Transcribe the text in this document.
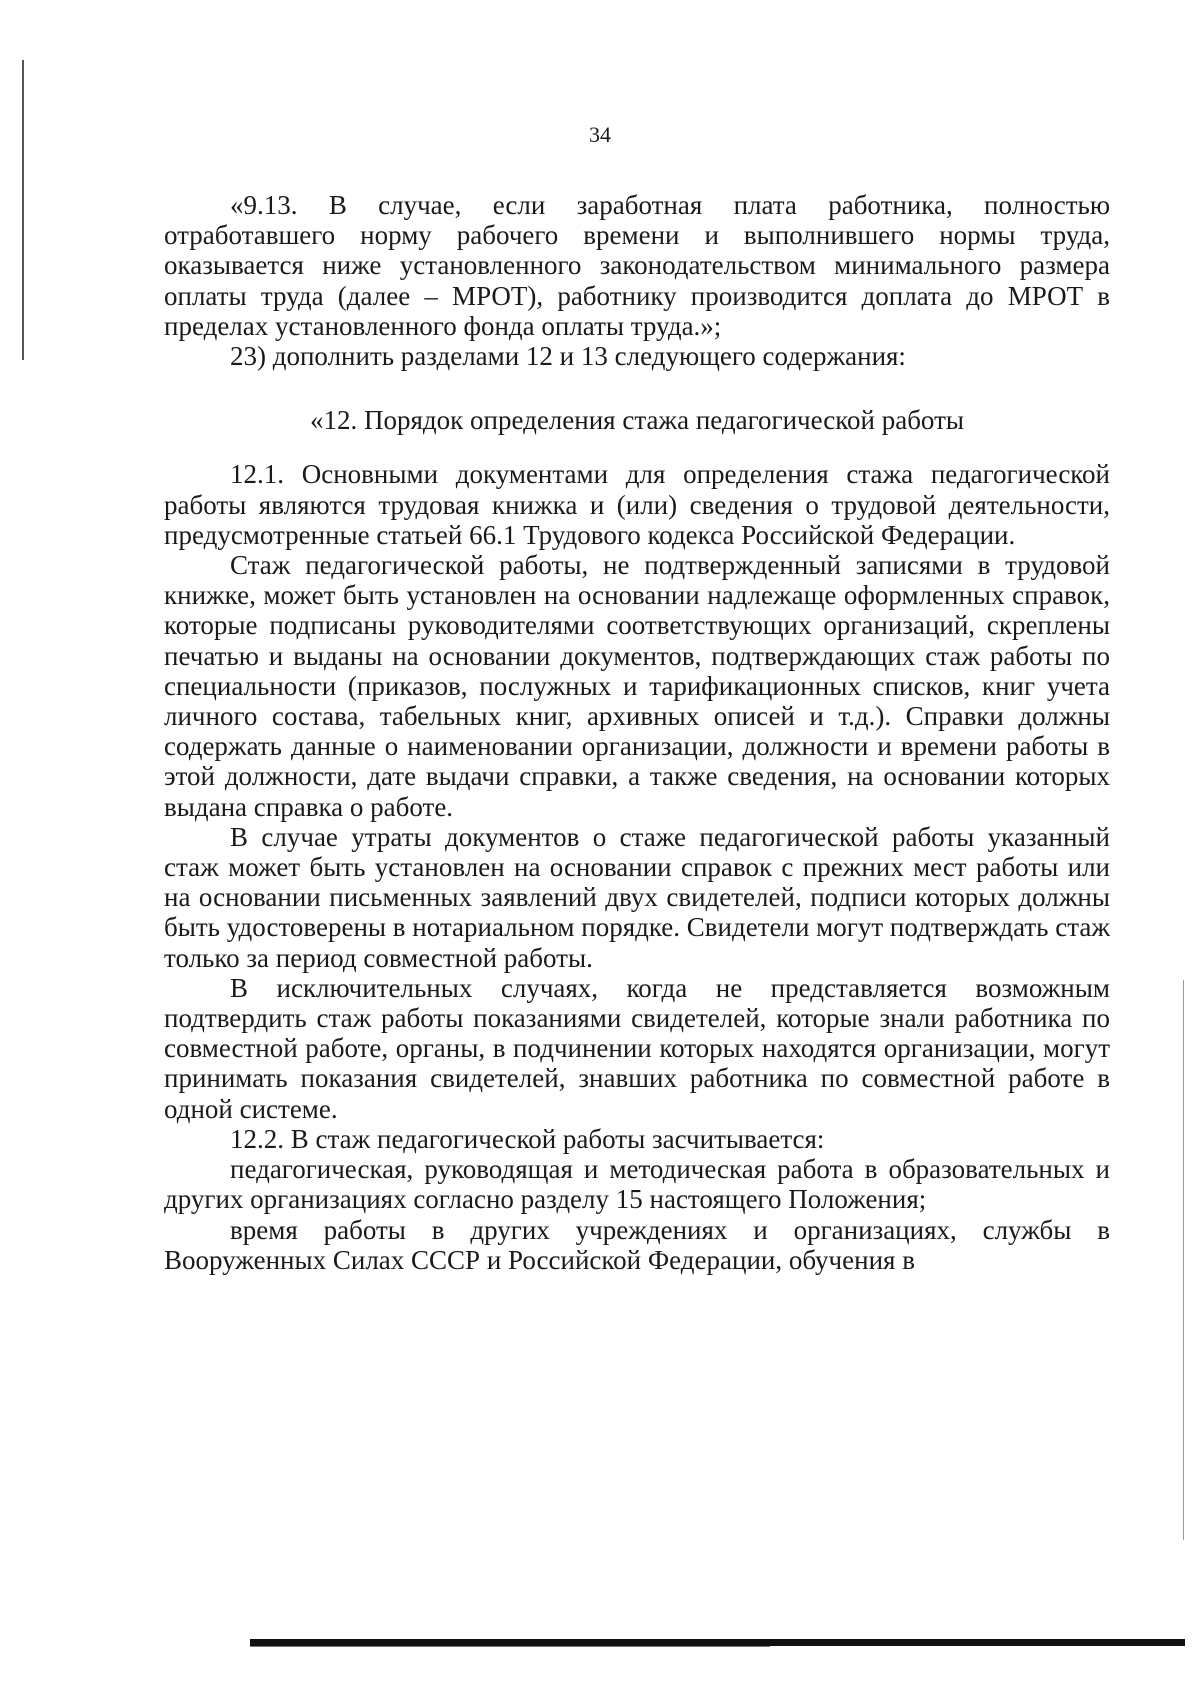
34

«9.13. В случае, если заработная плата работника, полностью отработавшего норму рабочего времени и выполнившего нормы труда, оказывается ниже установленного законодательством минимального размера оплаты труда (далее – МРОТ), работнику производится доплата до МРОТ в пределах установленного фонда оплаты труда.»;

23) дополнить разделами 12 и 13 следующего содержания:

«12. Порядок определения стажа педагогической работы

12.1. Основными документами для определения стажа педагогической работы являются трудовая книжка и (или) сведения о трудовой деятельности, предусмотренные статьей 66.1 Трудового кодекса Российской Федерации.

Стаж педагогической работы, не подтвержденный записями в трудовой книжке, может быть установлен на основании надлежаще оформленных справок, которые подписаны руководителями соответствующих организаций, скреплены печатью и выданы на основании документов, подтверждающих стаж работы по специальности (приказов, послужных и тарификационных списков, книг учета личного состава, табельных книг, архивных описей и т.д.). Справки должны содержать данные о наименовании организации, должности и времени работы в этой должности, дате выдачи справки, а также сведения, на основании которых выдана справка о работе.

В случае утраты документов о стаже педагогической работы указанный стаж может быть установлен на основании справок с прежних мест работы или на основании письменных заявлений двух свидетелей, подписи которых должны быть удостоверены в нотариальном порядке. Свидетели могут подтверждать стаж только за период совместной работы.

В исключительных случаях, когда не представляется возможным подтвердить стаж работы показаниями свидетелей, которые знали работника по совместной работе, органы, в подчинении которых находятся организации, могут принимать показания свидетелей, знавших работника по совместной работе в одной системе.

12.2. В стаж педагогической работы засчитывается:

педагогическая, руководящая и методическая работа в образовательных и других организациях согласно разделу 15 настоящего Положения;

время работы в других учреждениях и организациях, службы в Вооруженных Силах СССР и Российской Федерации, обучения в
